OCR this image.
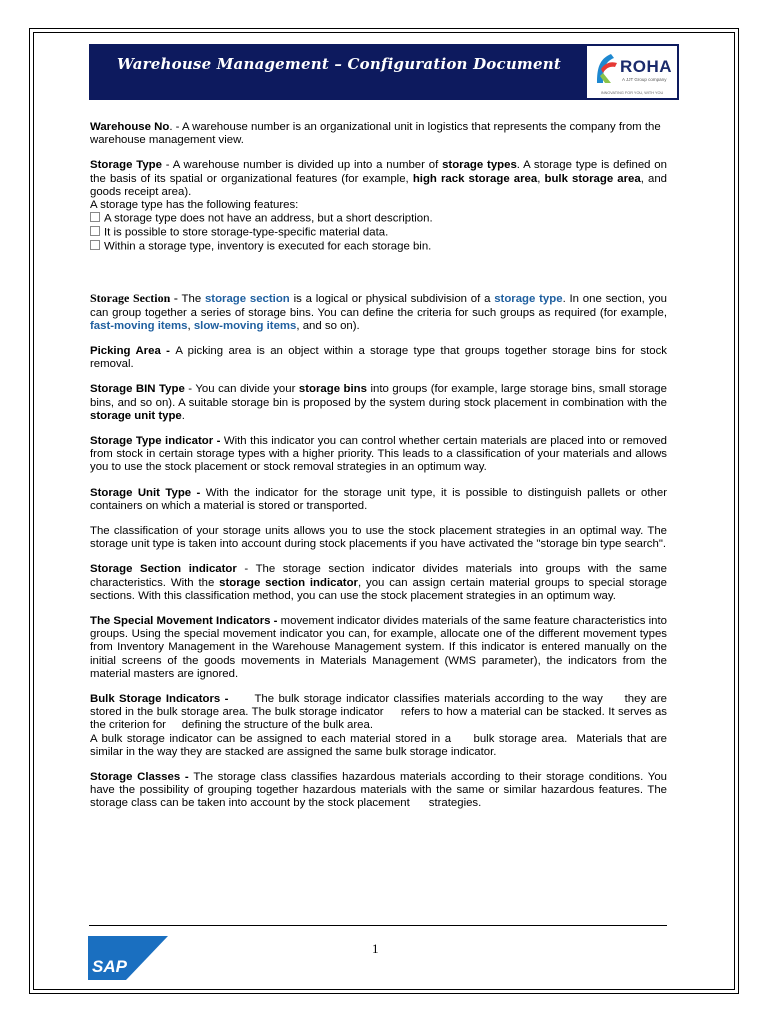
Warehouse Management – Configuration Document	ROHA
A JJT Group company
INNOVATING FOR YOU, WITH YOU

Warehouse No. - A warehouse number is an organizational unit in logistics that represents the company from the warehouse management view.

Storage Type - A warehouse number is divided up into a number of storage types. A storage type is defined on the basis of its spatial or organizational features (for example, high rack storage area, bulk storage area, and goods receipt area).

A storage type has the following features:

A storage type does not have an address, but a short description.
It is possible to store storage-type-specific material data.
Within a storage type, inventory is executed for each storage bin.

Storage Section - The storage section is a logical or physical subdivision of a storage type. In one section, you can group together a series of storage bins. You can define the criteria for such groups as required (for example, fast-moving items, slow-moving items, and so on).

Picking Area - A picking area is an object within a storage type that groups together storage bins for stock removal.

Storage BIN Type - You can divide your storage bins into groups (for example, large storage bins, small storage bins, and so on). A suitable storage bin is proposed by the system during stock placement in combination with the storage unit type.

Storage Type indicator - With this indicator you can control whether certain materials are placed into or removed from stock in certain storage types with a higher priority. This leads to a classification of your materials and allows you to use the stock placement or stock removal strategies in an optimum way.

Storage Unit Type - With the indicator for the storage unit type, it is possible to distinguish pallets or other containers on which a material is stored or transported.

The classification of your storage units allows you to use the stock placement strategies in an optimal way. The storage unit type is taken into account during stock placements if you have activated the "storage bin type search".

Storage Section indicator - The storage section indicator divides materials into groups with the same characteristics. With the storage section indicator, you can assign certain material groups to special storage sections. With this classification method, you can use the stock placement strategies in an optimum way.

The Special Movement Indicators - movement indicator divides materials of the same feature characteristics into groups. Using the special movement indicator you can, for example, allocate one of the different movement types from Inventory Management in the Warehouse Management system. If this indicator is entered manually on the initial screens of the goods movements in Materials Management (WMS parameter), the indicators from the material masters are ignored.

Bulk Storage Indicators -      The bulk storage indicator classifies materials according to the way     they are stored in the bulk storage area. The bulk storage indicator     refers to how a material can be stacked. It serves as the criterion for     defining the structure of the bulk area.

A bulk storage indicator can be assigned to each material stored in a     bulk storage area.  Materials that are similar in the way they are stacked are assigned the same bulk storage indicator.

Storage Classes - The storage class classifies hazardous materials according to their storage conditions. You have the possibility of grouping together hazardous materials with the same or similar hazardous features. The      storage class can be taken into account by the stock placement      strategies.

1
SAP
